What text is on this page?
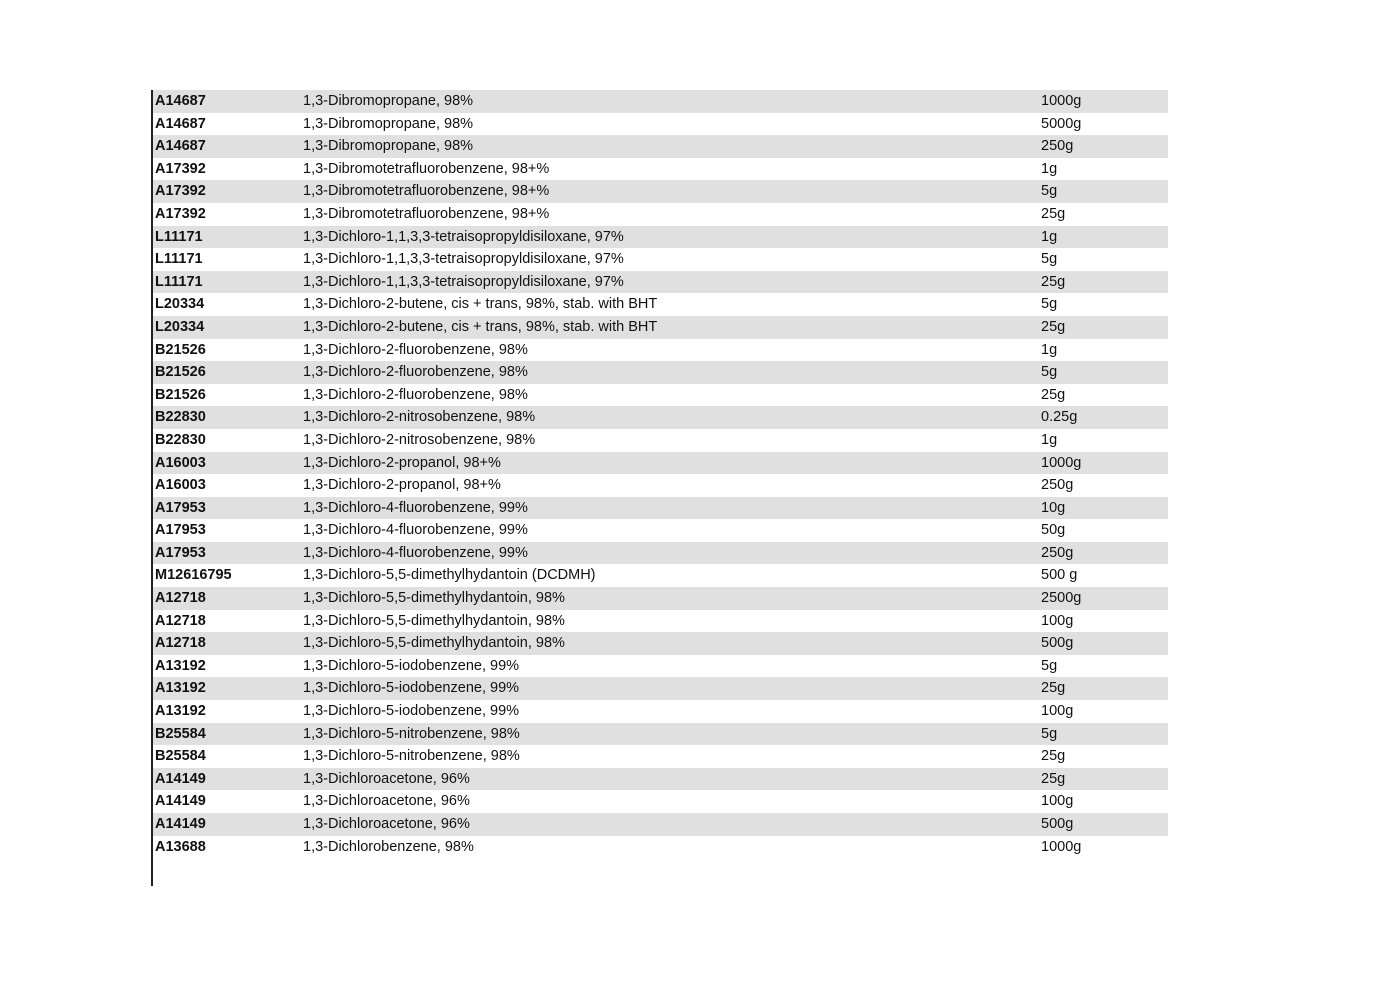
A14687	1,3-Dibromopropane, 98%	1000g
A14687	1,3-Dibromopropane, 98%	5000g
A14687	1,3-Dibromopropane, 98%	250g
A17392	1,3-Dibromotetrafluorobenzene, 98+%	1g
A17392	1,3-Dibromotetrafluorobenzene, 98+%	5g
A17392	1,3-Dibromotetrafluorobenzene, 98+%	25g
L11171	1,3-Dichloro-1,1,3,3-tetraisopropyldisiloxane, 97%	1g
L11171	1,3-Dichloro-1,1,3,3-tetraisopropyldisiloxane, 97%	5g
L11171	1,3-Dichloro-1,1,3,3-tetraisopropyldisiloxane, 97%	25g
L20334	1,3-Dichloro-2-butene, cis + trans, 98%, stab. with BHT	5g
L20334	1,3-Dichloro-2-butene, cis + trans, 98%, stab. with BHT	25g
B21526	1,3-Dichloro-2-fluorobenzene, 98%	1g
B21526	1,3-Dichloro-2-fluorobenzene, 98%	5g
B21526	1,3-Dichloro-2-fluorobenzene, 98%	25g
B22830	1,3-Dichloro-2-nitrosobenzene, 98%	0.25g
B22830	1,3-Dichloro-2-nitrosobenzene, 98%	1g
A16003	1,3-Dichloro-2-propanol, 98+%	1000g
A16003	1,3-Dichloro-2-propanol, 98+%	250g
A17953	1,3-Dichloro-4-fluorobenzene, 99%	10g
A17953	1,3-Dichloro-4-fluorobenzene, 99%	50g
A17953	1,3-Dichloro-4-fluorobenzene, 99%	250g
M12616795	1,3-Dichloro-5,5-dimethylhydantoin (DCDMH)	500 g
A12718	1,3-Dichloro-5,5-dimethylhydantoin, 98%	2500g
A12718	1,3-Dichloro-5,5-dimethylhydantoin, 98%	100g
A12718	1,3-Dichloro-5,5-dimethylhydantoin, 98%	500g
A13192	1,3-Dichloro-5-iodobenzene, 99%	5g
A13192	1,3-Dichloro-5-iodobenzene, 99%	25g
A13192	1,3-Dichloro-5-iodobenzene, 99%	100g
B25584	1,3-Dichloro-5-nitrobenzene, 98%	5g
B25584	1,3-Dichloro-5-nitrobenzene, 98%	25g
A14149	1,3-Dichloroacetone, 96%	25g
A14149	1,3-Dichloroacetone, 96%	100g
A14149	1,3-Dichloroacetone, 96%	500g
A13688	1,3-Dichlorobenzene, 98%	1000g
